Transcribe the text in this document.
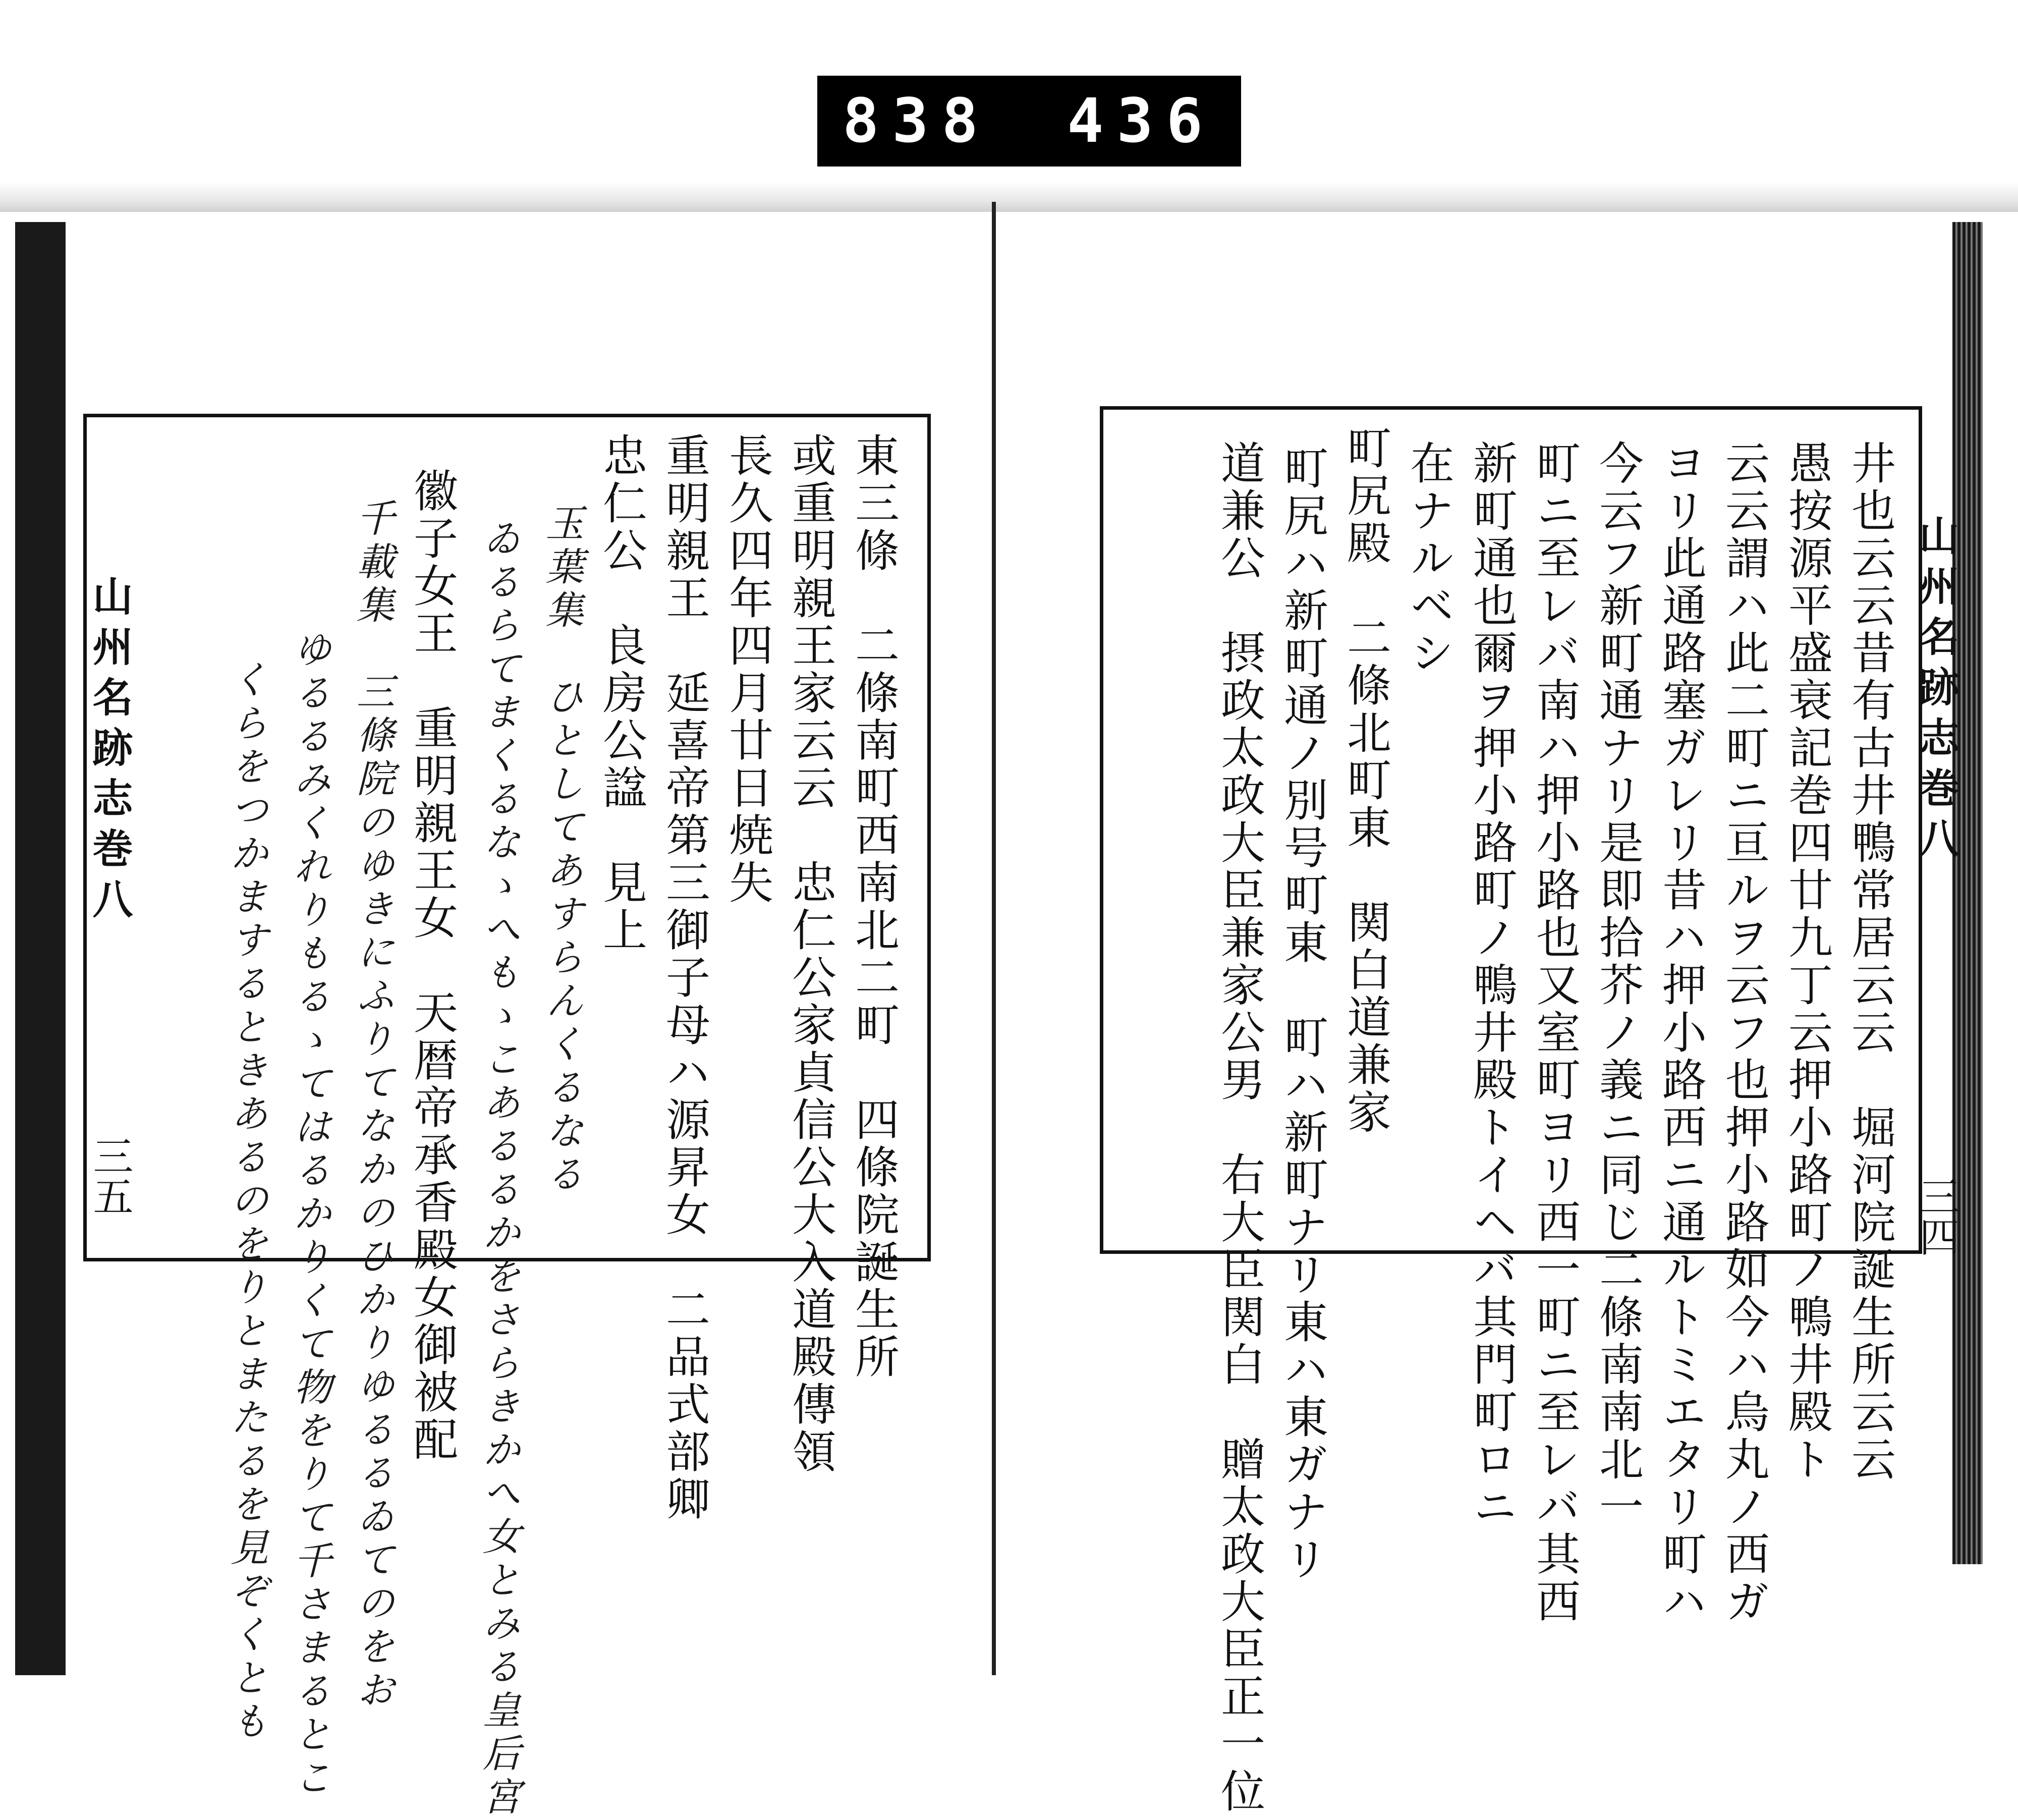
838 436
山州名跡志巻八
三五	東三條　二條南町西南北二町　四條院誕生所
或重明親王家云云　忠仁公家貞信公大入道殿傳領
長久四年四月廿日焼失
重明親王　延喜帝第三御子母ハ源昇女　二品式部卿
忠仁公　良房公諡　見上
玉葉集　ひとしてあすらんくるなる
ゐるらてまくるなゝへもゝこあるるかをさらきかへ女とみる皇后宮
徽子女王　重明親王女　天暦帝承香殿女御被配
千載集　三條院のゆきにふりてなかのひかりゆるるゐてのをお
ゆるるみくれりもるゝてはるかりくて物をりて千さまるとこ
くらをつかまするときあるのをりとまたるを見ぞくとも	山州名跡志巻八
三四
井也云云昔有古井鴨常居云云　堀河院誕生所云云
愚按源平盛衰記巻四廿九丁云押小路町ノ鴨井殿ト
云云謂ハ此二町ニ亘ルヲ云フ也押小路如今ハ烏丸ノ西ガ
ヨリ此通路塞ガレリ昔ハ押小路西ニ通ルトミエタリ町ハ
今云フ新町通ナリ是即拾芥ノ義ニ同じ二條南南北一
町ニ至レバ南ハ押小路也又室町ヨリ西一町ニ至レバ其西
新町通也爾ヲ押小路町ノ鴨井殿トイヘバ其門町ロニ
在ナルベシ
町尻殿　二條北町東　関白道兼家
町尻ハ新町通ノ別号町東　町ハ新町ナリ東ハ東ガナリ
道兼公　摂政太政大臣兼家公男　右大臣関白　贈太政大臣正一位
